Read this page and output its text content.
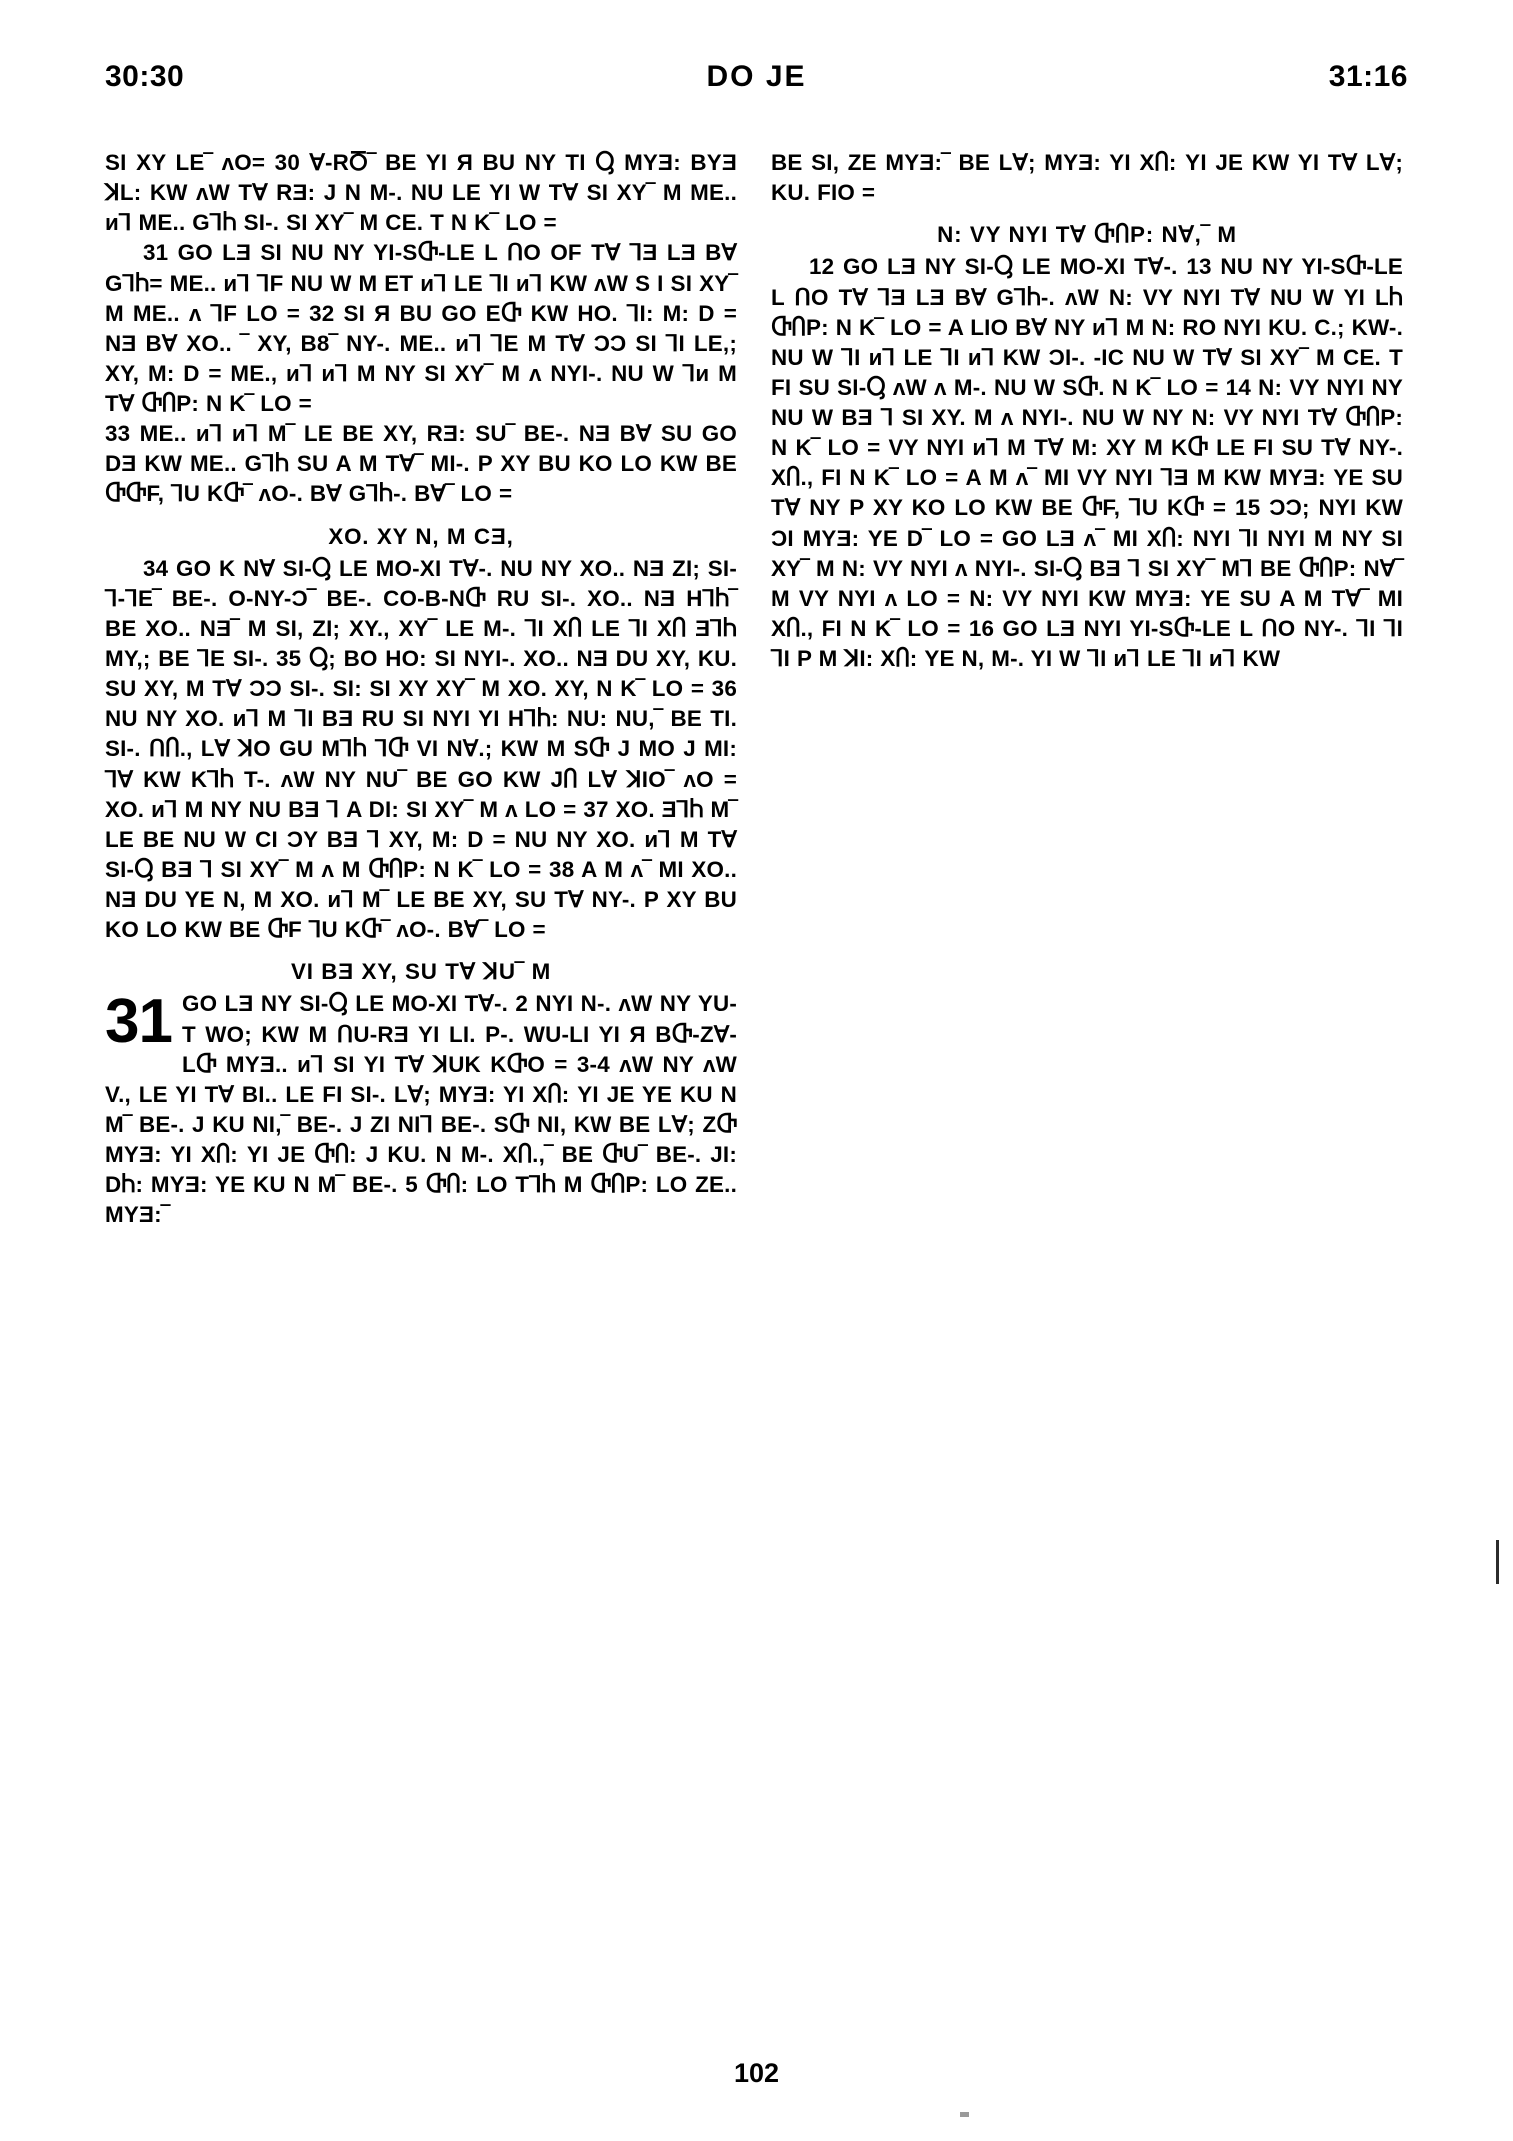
30:30	DO JE	31:16

SI XY LE‾ ᴧO= 30 ∀-RႣ‾ BE YI Я BU NY TI Ⴓ MYƎ: BYƎ ꓘL: KW ᴧW T∀ RƎ: J N M-. NU LE YI W T∀ SI XY‾ M ME.. ᴎꓶ ME.. GꓶႹ SI-. SI XY‾ M CE. T N K‾ LO =

31 GO LƎ SI NU NY YI-SႧ-LE L ꓵO OF T∀ ꓶƎ LƎ B∀ GꓶႹ= ME.. ᴎꓶ ꓶF NU W M ET ᴎꓶ LE ꓶI ᴎꓶ KW ᴧW S I SI XY‾ M ME.. ᴧ ꓶF LO = 32 SI Я BU GO EႧ KW HO. ꓶI: M: D = NƎ B∀ XO.. ‾ XY, B8‾ NY-. ME.. ᴎꓶ ꓶE M T∀ ƆƆ SI ꓶI LE,; XY, M: D = ME., ᴎꓶ ᴎꓶ M NY SI XY‾ M ᴧ NYI-. NU W ꓶᴎ M T∀ ႧႶP: N K‾ LO =

33 ME.. ᴎꓶ ᴎꓶ M‾ LE BE XY, RƎ: SU‾ BE-. NƎ B∀ SU GO DƎ KW ME.. GꓶႹ SU A M T∀‾ MI-. P XY BU KO LO KW BE ႧႧF, ꓶU KႧ‾ ᴧO-. B∀ GꓶႹ-. B∀‾ LO =

XO. XY N, M CƎ,

34 GO K N∀ SI-Ⴓ LE MO-XI T∀-. NU NY XO.. NƎ ZI; SI-ꓶ-ꓶE‾ BE-. O-NY-Ɔ‾ BE-. CO-B-NႧ RU SI-. XO.. NƎ HꓶႹ‾ BE XO.. NƎ‾ M SI, ZI; XY., XY‾ LE M-. ꓶI XႶ LE ꓶI XႶ ƎꓶႹ MY,; BE ꓶE SI-. 35 Ⴓ; BO HO: SI NYI-. XO.. NƎ DU XY, KU. SU XY, M T∀ ƆƆ SI-. SI: SI XY XY‾ M XO. XY, N K‾ LO = 36 NU NY XO. ᴎꓶ M ꓶI BƎ RU SI NYI YI HꓶႹ: NU: NU,‾ BE TI. SI-. ꓵႶ., L∀ ꓘO GU MꓶႹ ꓶႧ VI N∀.; KW M SႧ J MO J MI: ꓶ∀ KW KꓶႹ T-. ᴧW NY NU‾ BE GO KW JႶ L∀ ꓘIO‾ ᴧO = XO. ᴎꓶ M NY NU BƎ ꓶ A DI: SI XY‾ M ᴧ LO = 37 XO. ƎꓶႹ M‾ LE BE NU W CI ƆY BƎ ꓶ XY, M: D = NU NY XO. ᴎꓶ M T∀ SI-Ⴓ BƎ ꓶ SI XY‾ M ᴧ M ႧႶP: N K‾ LO = 38 A M ᴧ‾ MI XO.. NƎ DU YE N, M XO. ᴎꓶ M‾ LE BE XY, SU T∀ NY-. P XY BU KO LO KW BE ႧF ꓶU KႧ‾ ᴧO-. B∀‾ LO =

VI BƎ XY, SU T∀ ꓘU‾ M
31 GO LƎ NY SI-Ⴓ LE MO-XI T∀-. 2 NYI N-. ᴧW NY YU-T WO; KW M ꓵU-RƎ YI LI. P-. WU-LI YI Я BႧ-Z∀-LႧ MYƎ.. ᴎꓶ SI YI T∀ ꓘUK KႧO = 3-4 ᴧW NY ᴧW V., LE YI T∀ BI.. LE FI SI-. L∀; MYƎ: YI XႶ: YI JE YE KU N M‾ BE-. J KU NI,‾ BE-. J ZI NIꓶ BE-. SႧ NI, KW BE L∀; ZႧ MYƎ: YI XႶ: YI JE ႧႶ: J KU. N M-. XႶ.,‾ BE ႧU‾ BE-. JI: DႹ: MYƎ: YE KU N M‾ BE-. 5 ႧႶ: LO TꓶႹ M ႧႶP: LO ZE.. MYƎ:‾

BE SI, ZE MYƎ:‾ BE L∀; MYƎ: YI XႶ: YI JE KW YI T∀ L∀; KU. FIO =

N: VY NYI T∀ ႧႶP: N∀,‾ M

12 GO LƎ NY SI-Ⴓ LE MO-XI T∀-. 13 NU NY YI-SႧ-LE L ꓵO T∀ ꓶƎ LƎ B∀ GꓶႹ-. ᴧW N: VY NYI T∀ NU W YI LႹ ႧႶP: N K‾ LO = A LIO B∀ NY ᴎꓶ M N: RO NYI KU. C.; KW-. NU W ꓶI ᴎꓶ LE ꓶI ᴎꓶ KW ƆI-. -IC NU W T∀ SI XY‾ M CE. T FI SU SI-Ⴓ ᴧW ᴧ M-. NU W SႧ. N K‾ LO = 14 N: VY NYI NY NU W BƎ ꓶ SI XY. M ᴧ NYI-. NU W NY N: VY NYI T∀ ႧႶP: N K‾ LO = VY NYI ᴎꓶ M T∀ M: XY M KႧ LE FI SU T∀ NY-. XႶ., FI N K‾ LO = A M ᴧ‾ MI VY NYI ꓶƎ M KW MYƎ: YE SU T∀ NY P XY KO LO KW BE ႧF, ꓶU KႧ = 15 ƆƆ; NYI KW ƆI MYƎ: YE D‾ LO = GO LƎ ᴧ‾ MI XႶ: NYI ꓶI NYI M NY SI XY‾ M N: VY NYI ᴧ NYI-. SI-Ⴓ BƎ ꓶ SI XY‾ Mꓶ BE ႧႶP: N∀‾ M VY NYI ᴧ LO = N: VY NYI KW MYƎ: YE SU A M T∀‾ MI XႶ., FI N K‾ LO = 16 GO LƎ NYI YI-SႧ-LE L ꓵO NY-. ꓶI ꓶI ꓶI P M ꓘI: XႶ: YE N, M-. YI W ꓶI ᴎꓶ LE ꓶI ᴎꓶ KW

102
